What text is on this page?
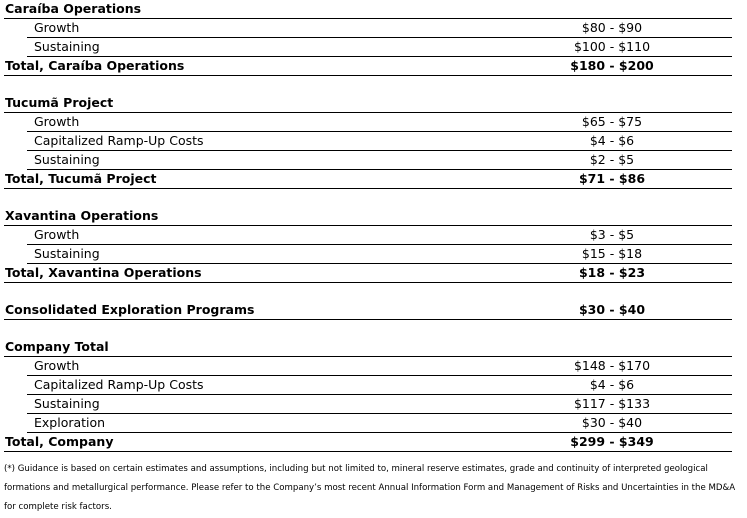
Caraíba Operations
Growth	$80 - $90
Sustaining	$100 - $110
Total, Caraíba Operations	$180 - $200
Tucumã Project
Growth	$65 - $75
Capitalized Ramp-Up Costs	$4 - $6
Sustaining	$2 - $5
Total, Tucumã Project	$71 - $86
Xavantina Operations
Growth	$3 - $5
Sustaining	$15 - $18
Total, Xavantina Operations	$18 - $23
Consolidated Exploration Programs	$30 - $40
Company Total
Growth	$148 - $170
Capitalized Ramp-Up Costs	$4 - $6
Sustaining	$117 - $133
Exploration	$30 - $40
Total, Company	$299 - $349
(*) Guidance is based on certain estimates and assumptions, including but not limited to, mineral reserve estimates, grade and continuity of interpreted geological formations and metallurgical performance. Please refer to the Company’s most recent Annual Information Form and Management of Risks and Uncertainties in the MD&A for complete risk factors.
